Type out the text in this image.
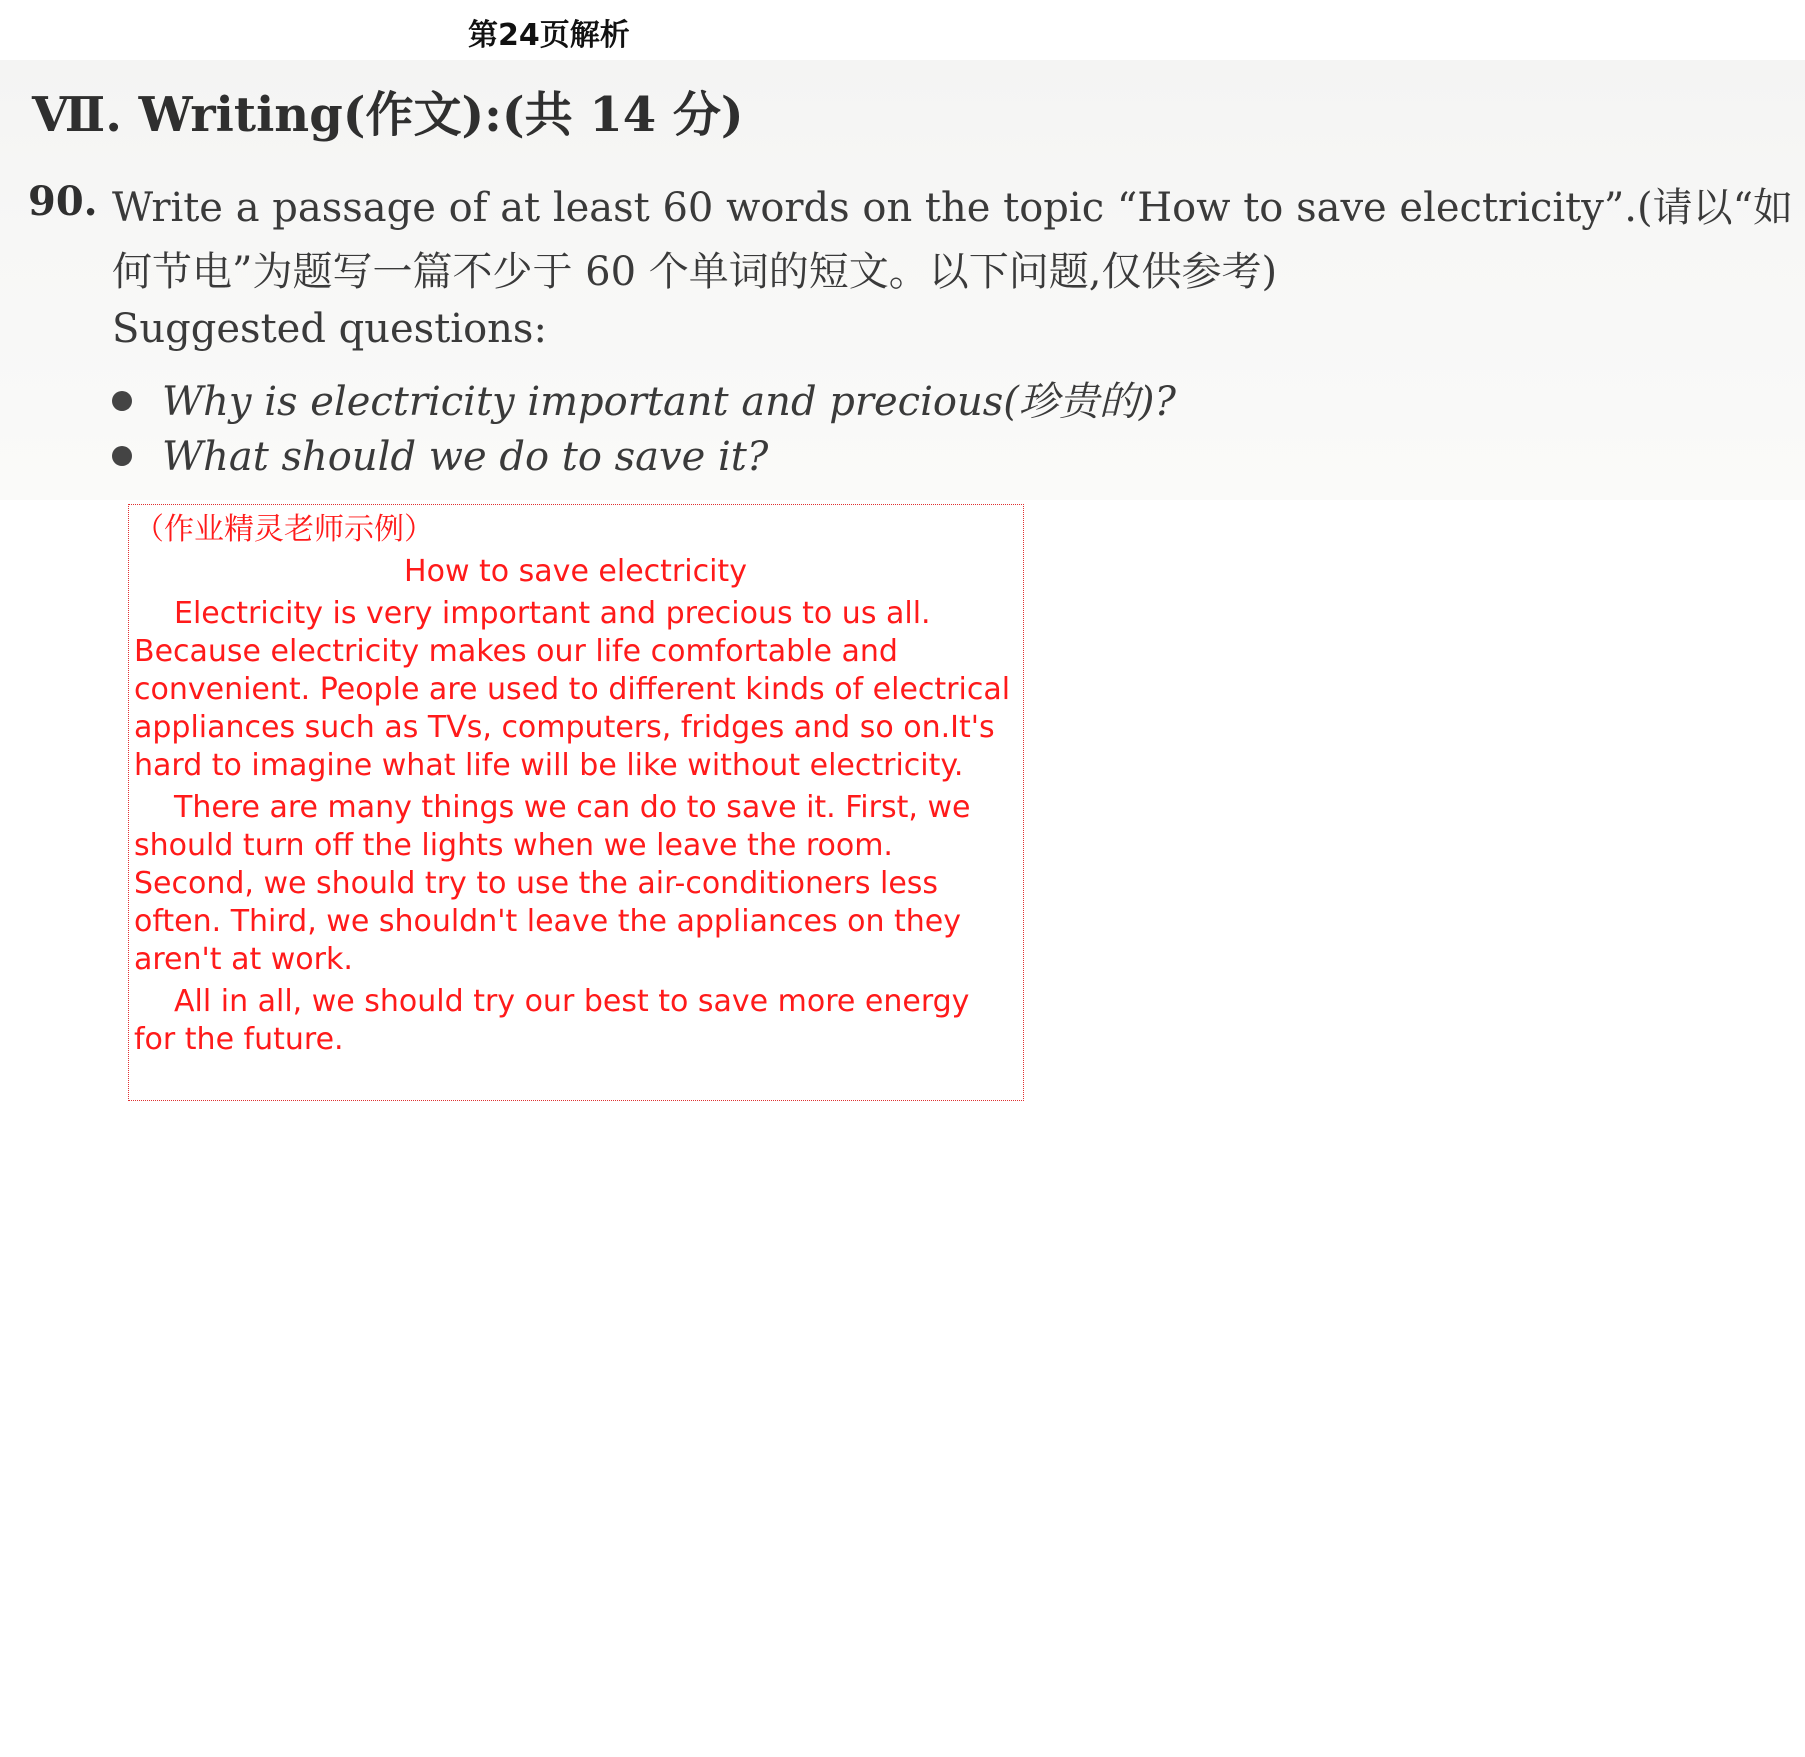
第24页解析
Ⅶ. Writing(作文):(共 14 分)
90. Write a passage of at least 60 words on the topic “How to save electricity”.(请以“如
何节电”为题写一篇不少于 60 个单词的短文。以下问题,仅供参考)
Suggested questions:
Why is electricity important and precious(珍贵的)?
What should we do to save it?

（作业精灵老师示例）

How to save electricity

Electricity is very important and precious to us all. Because electricity makes our life comfortable and convenient. People are used to different kinds of electrical appliances such as TVs, computers, fridges and so on.It's hard to imagine what life will be like without electricity.

There are many things we can do to save it. First, we should turn off the lights when we leave the room. Second, we should try to use the air-conditioners less often. Third, we shouldn't leave the appliances on they aren't at work.

All in all, we should try our best to save more energy for the future.
